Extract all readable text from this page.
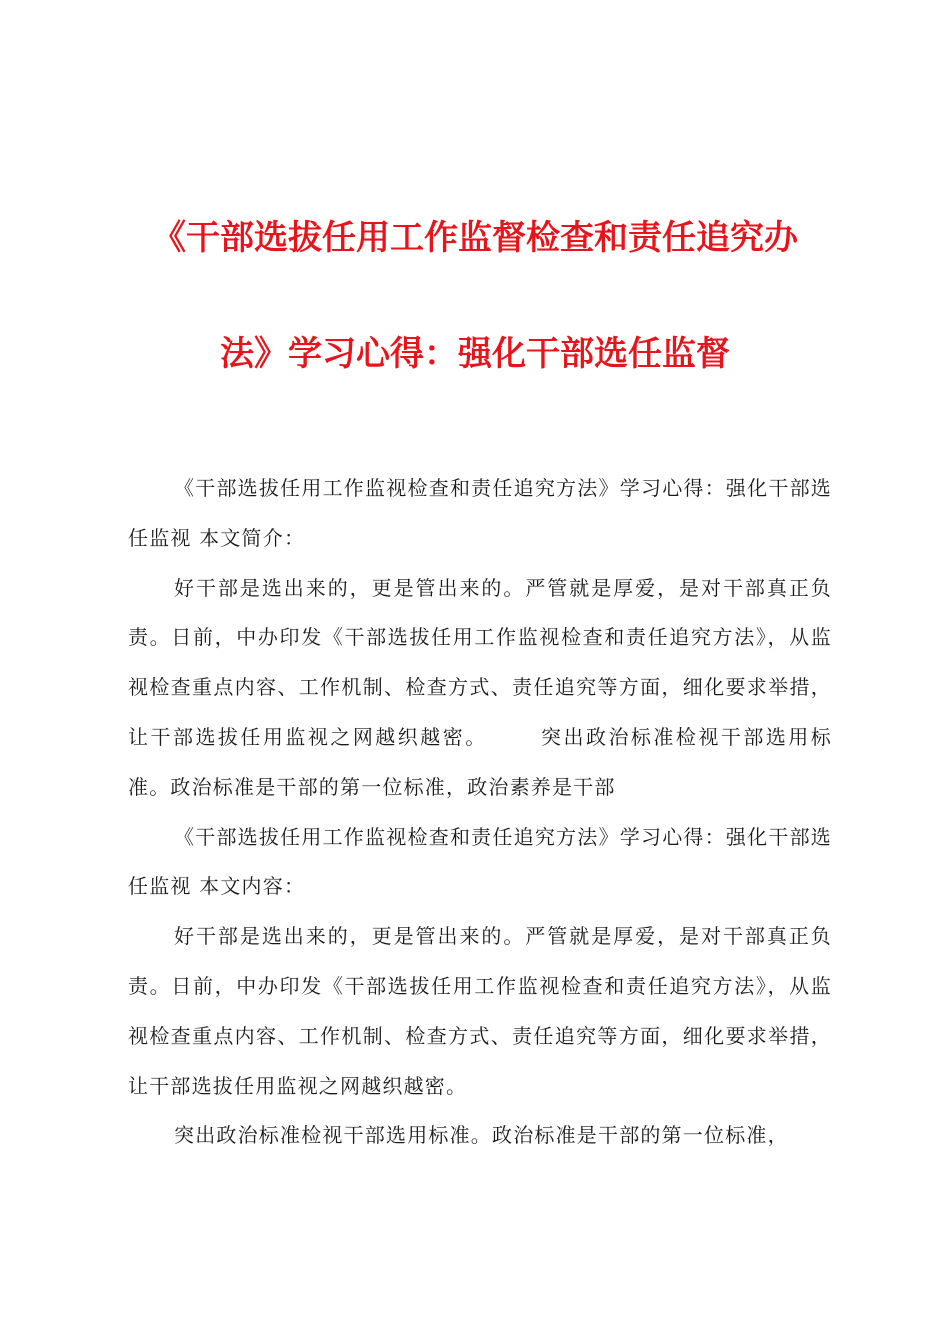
《干部选拔任用工作监督检查和责任追究办
法》学习心得：强化干部选任监督

《干部选拔任用工作监视检查和责任追究方法》学习心得：强化干部选任监视 本文简介：

好干部是选出来的，更是管出来的。严管就是厚爱，是对干部真正负责。日前，中办印发《干部选拔任用工作监视检查和责任追究方法》，从监视检查重点内容、工作机制、检查方式、责任追究等方面，细化要求举措，让干部选拔任用监视之网越织越密。	突出政治标准检视干部选用标准。政治标准是干部的第一位标准，政治素养是干部

《干部选拔任用工作监视检查和责任追究方法》学习心得：强化干部选任监视 本文内容：

好干部是选出来的，更是管出来的。严管就是厚爱，是对干部真正负责。日前，中办印发《干部选拔任用工作监视检查和责任追究方法》，从监视检查重点内容、工作机制、检查方式、责任追究等方面，细化要求举措，让干部选拔任用监视之网越织越密。

突出政治标准检视干部选用标准。政治标准是干部的第一位标准，
